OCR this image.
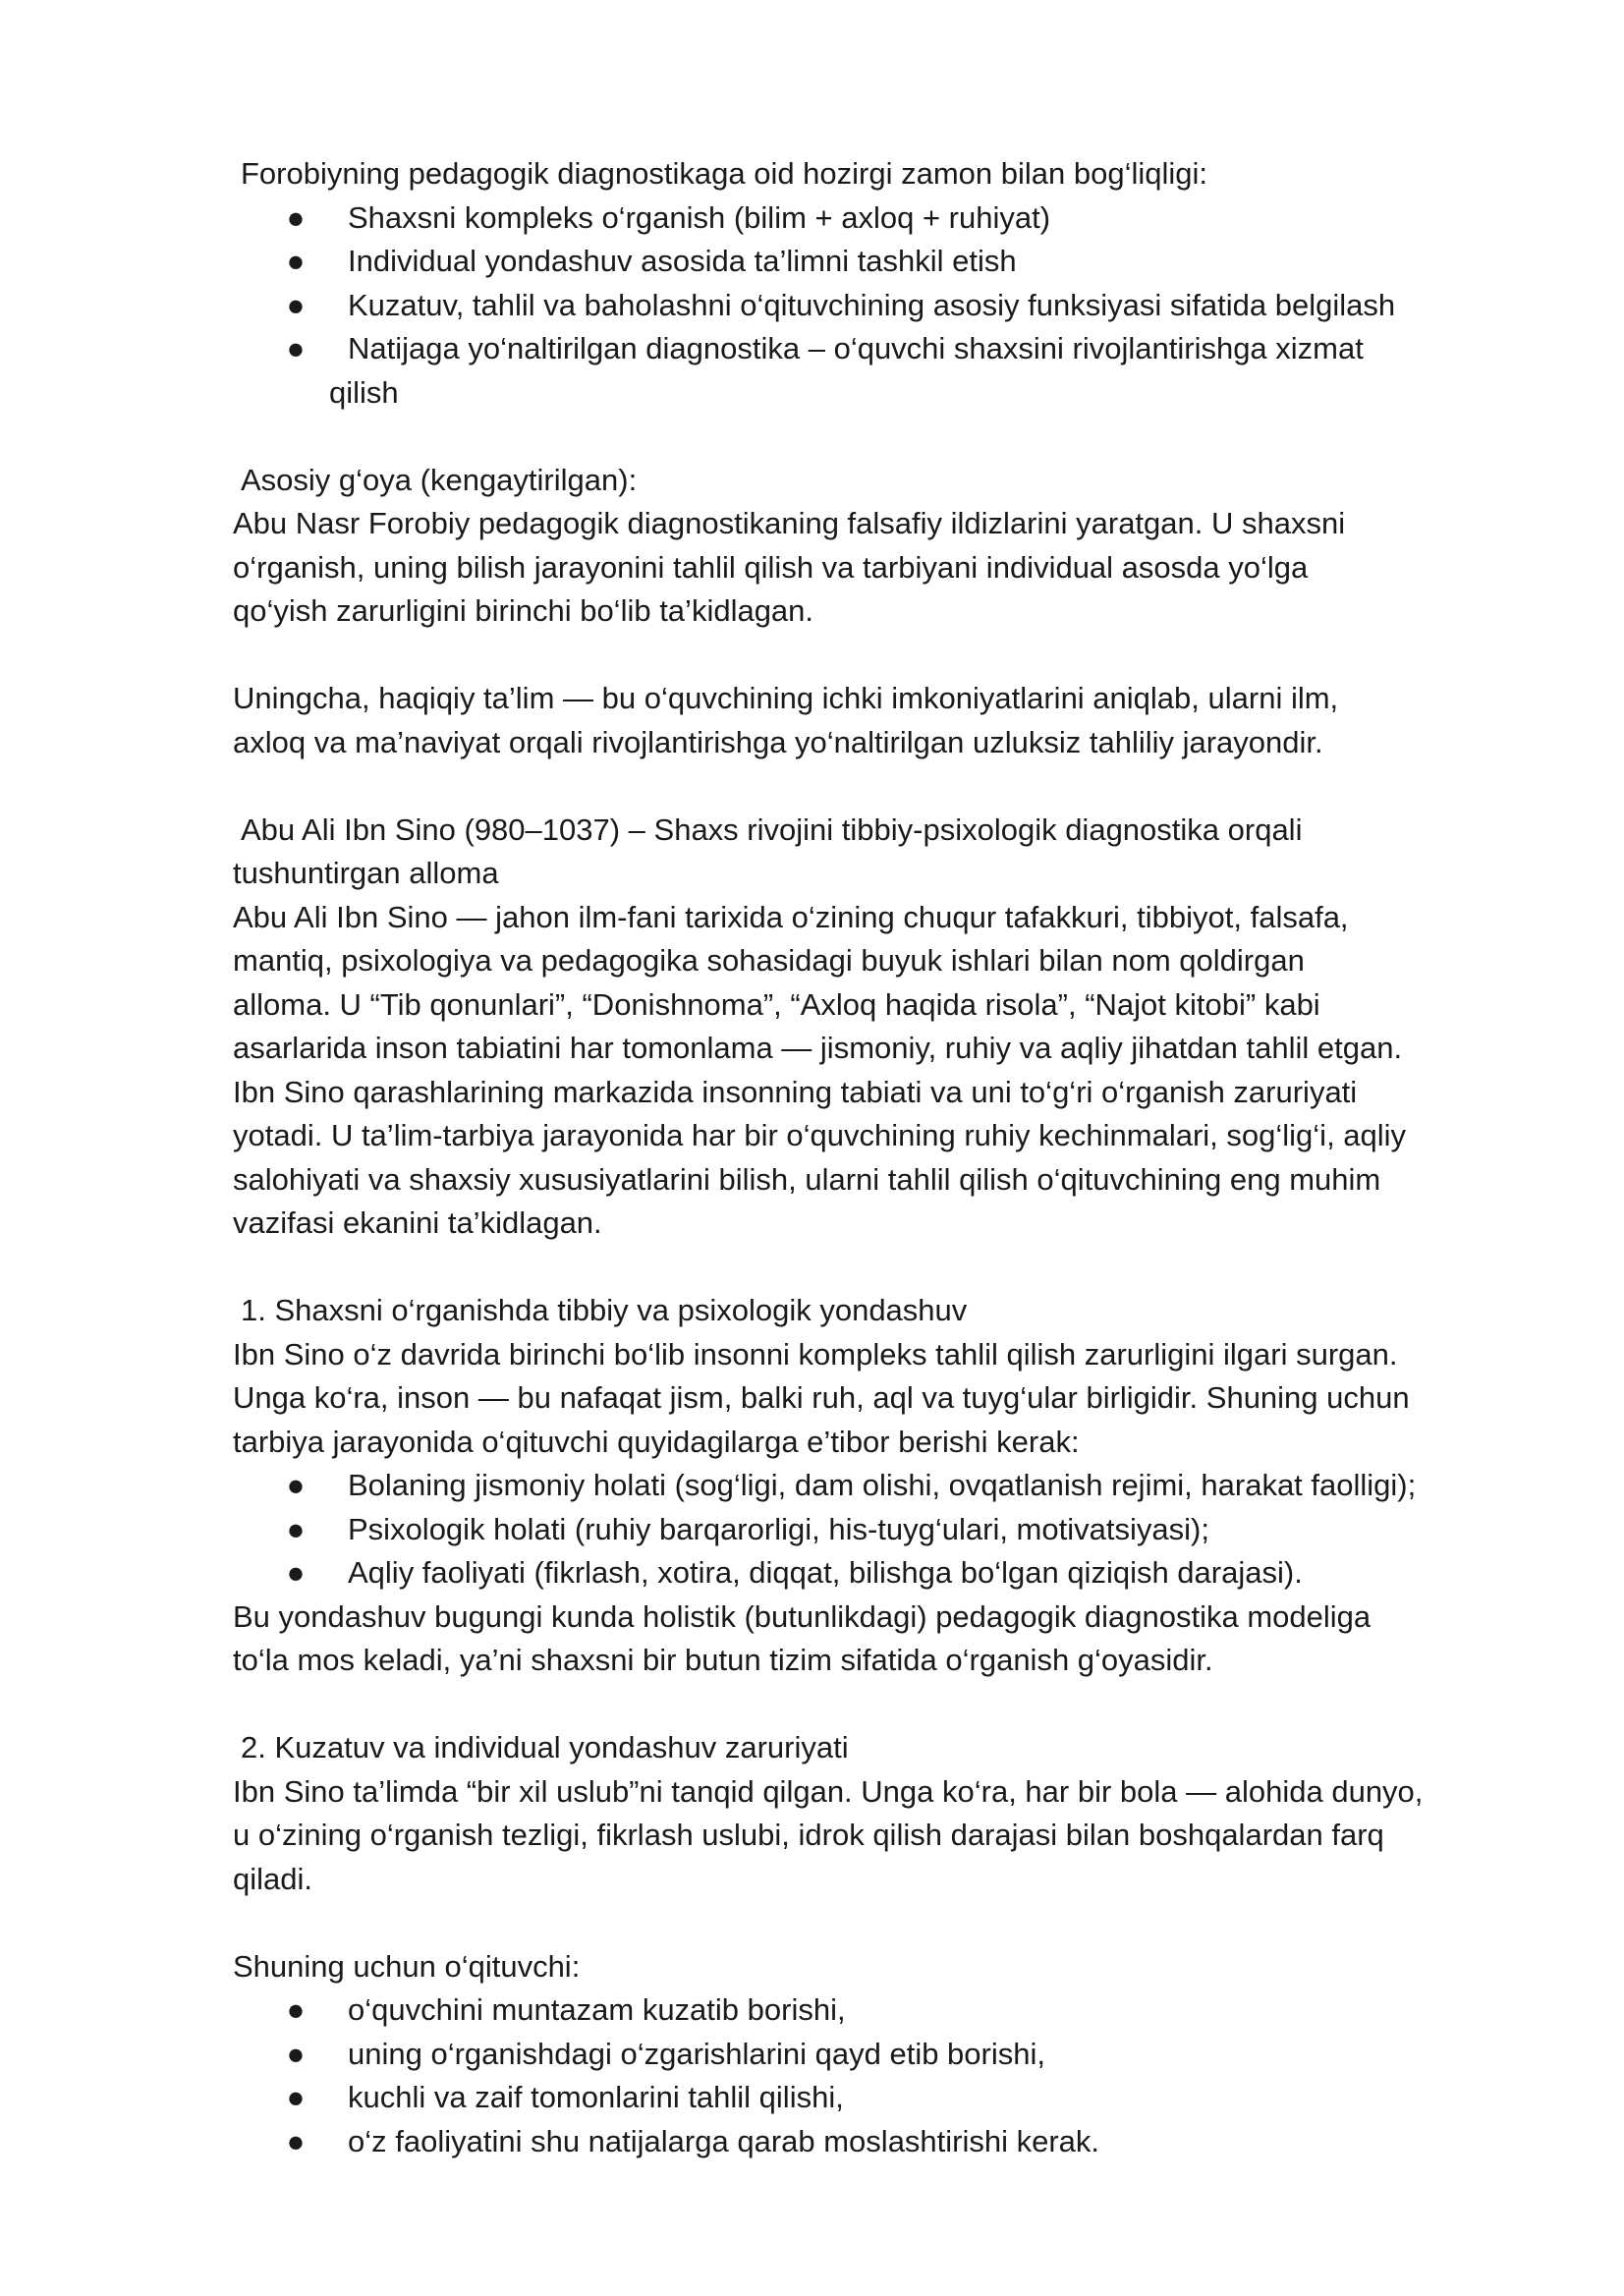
Forobiyning pedagogik diagnostikaga oid hozirgi zamon bilan bog‘liqligi:

● Shaxsni kompleks o‘rganish (bilim + axloq + ruhiyat)
● Individual yondashuv asosida ta’limni tashkil etish
● Kuzatuv, tahlil va baholashni o‘qituvchining asosiy funksiyasi sifatida belgilash
● Natijaga yo‘naltirilgan diagnostika – o‘quvchi shaxsini rivojlantirishga xizmat
qilish

Asosiy g‘oya (kengaytirilgan):

Abu Nasr Forobiy pedagogik diagnostikaning falsafiy ildizlarini yaratgan. U shaxsni

o‘rganish, uning bilish jarayonini tahlil qilish va tarbiyani individual asosda yo‘lga

qo‘yish zarurligini birinchi bo‘lib ta’kidlagan.

Uningcha, haqiqiy ta’lim — bu o‘quvchining ichki imkoniyatlarini aniqlab, ularni ilm,

axloq va ma’naviyat orqali rivojlantirishga yo‘naltirilgan uzluksiz tahliliy jarayondir.

Abu Ali Ibn Sino (980–1037) – Shaxs rivojini tibbiy-psixologik diagnostika orqali

tushuntirgan alloma

Abu Ali Ibn Sino — jahon ilm-fani tarixida o‘zining chuqur tafakkuri, tibbiyot, falsafa,

mantiq, psixologiya va pedagogika sohasidagi buyuk ishlari bilan nom qoldirgan

alloma. U “Tib qonunlari”, “Donishnoma”, “Axloq haqida risola”, “Najot kitobi” kabi

asarlarida inson tabiatini har tomonlama — jismoniy, ruhiy va aqliy jihatdan tahlil etgan.

Ibn Sino qarashlarining markazida insonning tabiati va uni to‘g‘ri o‘rganish zaruriyati

yotadi. U ta’lim-tarbiya jarayonida har bir o‘quvchining ruhiy kechinmalari, sog‘lig‘i, aqliy

salohiyati va shaxsiy xususiyatlarini bilish, ularni tahlil qilish o‘qituvchining eng muhim

vazifasi ekanini ta’kidlagan.

1. Shaxsni o‘rganishda tibbiy va psixologik yondashuv

Ibn Sino o‘z davrida birinchi bo‘lib insonni kompleks tahlil qilish zarurligini ilgari surgan.

Unga ko‘ra, inson — bu nafaqat jism, balki ruh, aql va tuyg‘ular birligidir. Shuning uchun

tarbiya jarayonida o‘qituvchi quyidagilarga e’tibor berishi kerak:

● Bolaning jismoniy holati (sog‘ligi, dam olishi, ovqatlanish rejimi, harakat faolligi);
● Psixologik holati (ruhiy barqarorligi, his-tuyg‘ulari, motivatsiyasi);
● Aqliy faoliyati (fikrlash, xotira, diqqat, bilishga bo‘lgan qiziqish darajasi).

Bu yondashuv bugungi kunda holistik (butunlikdagi) pedagogik diagnostika modeliga

to‘la mos keladi, ya’ni shaxsni bir butun tizim sifatida o‘rganish g‘oyasidir.

2. Kuzatuv va individual yondashuv zaruriyati

Ibn Sino ta’limda “bir xil uslub”ni tanqid qilgan. Unga ko‘ra, har bir bola — alohida dunyo,

u o‘zining o‘rganish tezligi, fikrlash uslubi, idrok qilish darajasi bilan boshqalardan farq

qiladi.

Shuning uchun o‘qituvchi:

● o‘quvchini muntazam kuzatib borishi,
● uning o‘rganishdagi o‘zgarishlarini qayd etib borishi,
● kuchli va zaif tomonlarini tahlil qilishi,
● o‘z faoliyatini shu natijalarga qarab moslashtirishi kerak.
